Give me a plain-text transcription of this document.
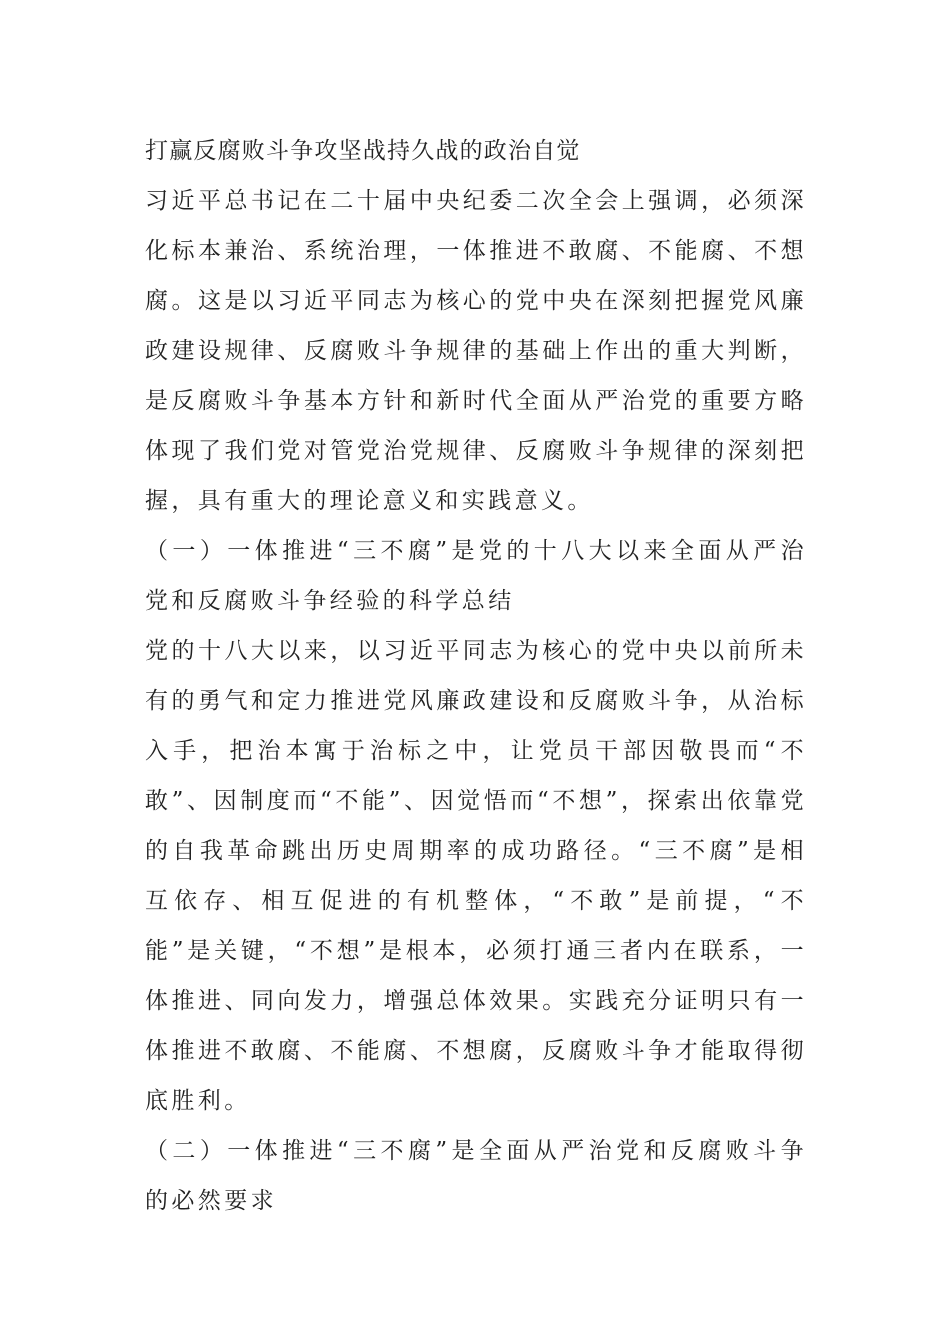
打赢反腐败斗争攻坚战持久战的政治自觉

习近平总书记在二十届中央纪委二次全会上强调，必须深化标本兼治、系统治理，一体推进不敢腐、不能腐、不想腐。这是以习近平同志为核心的党中央在深刻把握党风廉政建设规律、反腐败斗争规律的基础上作出的重大判断，是反腐败斗争基本方针和新时代全面从严治党的重要方略体现了我们党对管党治党规律、反腐败斗争规律的深刻把握，具有重大的理论意义和实践意义。

（一）一体推进“三不腐”是党的十八大以来全面从严治党和反腐败斗争经验的科学总结

党的十八大以来，以习近平同志为核心的党中央以前所未有的勇气和定力推进党风廉政建设和反腐败斗争，从治标入手，把治本寓于治标之中，让党员干部因敬畏而“不敢”、因制度而“不能”、因觉悟而“不想”，探索出依靠党的自我革命跳出历史周期率的成功路径。“三不腐”是相互依存、相互促进的有机整体，“不敢”是前提，“不能”是关键，“不想”是根本，必须打通三者内在联系，一体推进、同向发力，增强总体效果。实践充分证明只有一体推进不敢腐、不能腐、不想腐，反腐败斗争才能取得彻底胜利。

（二）一体推进“三不腐”是全面从严治党和反腐败斗争的必然要求
